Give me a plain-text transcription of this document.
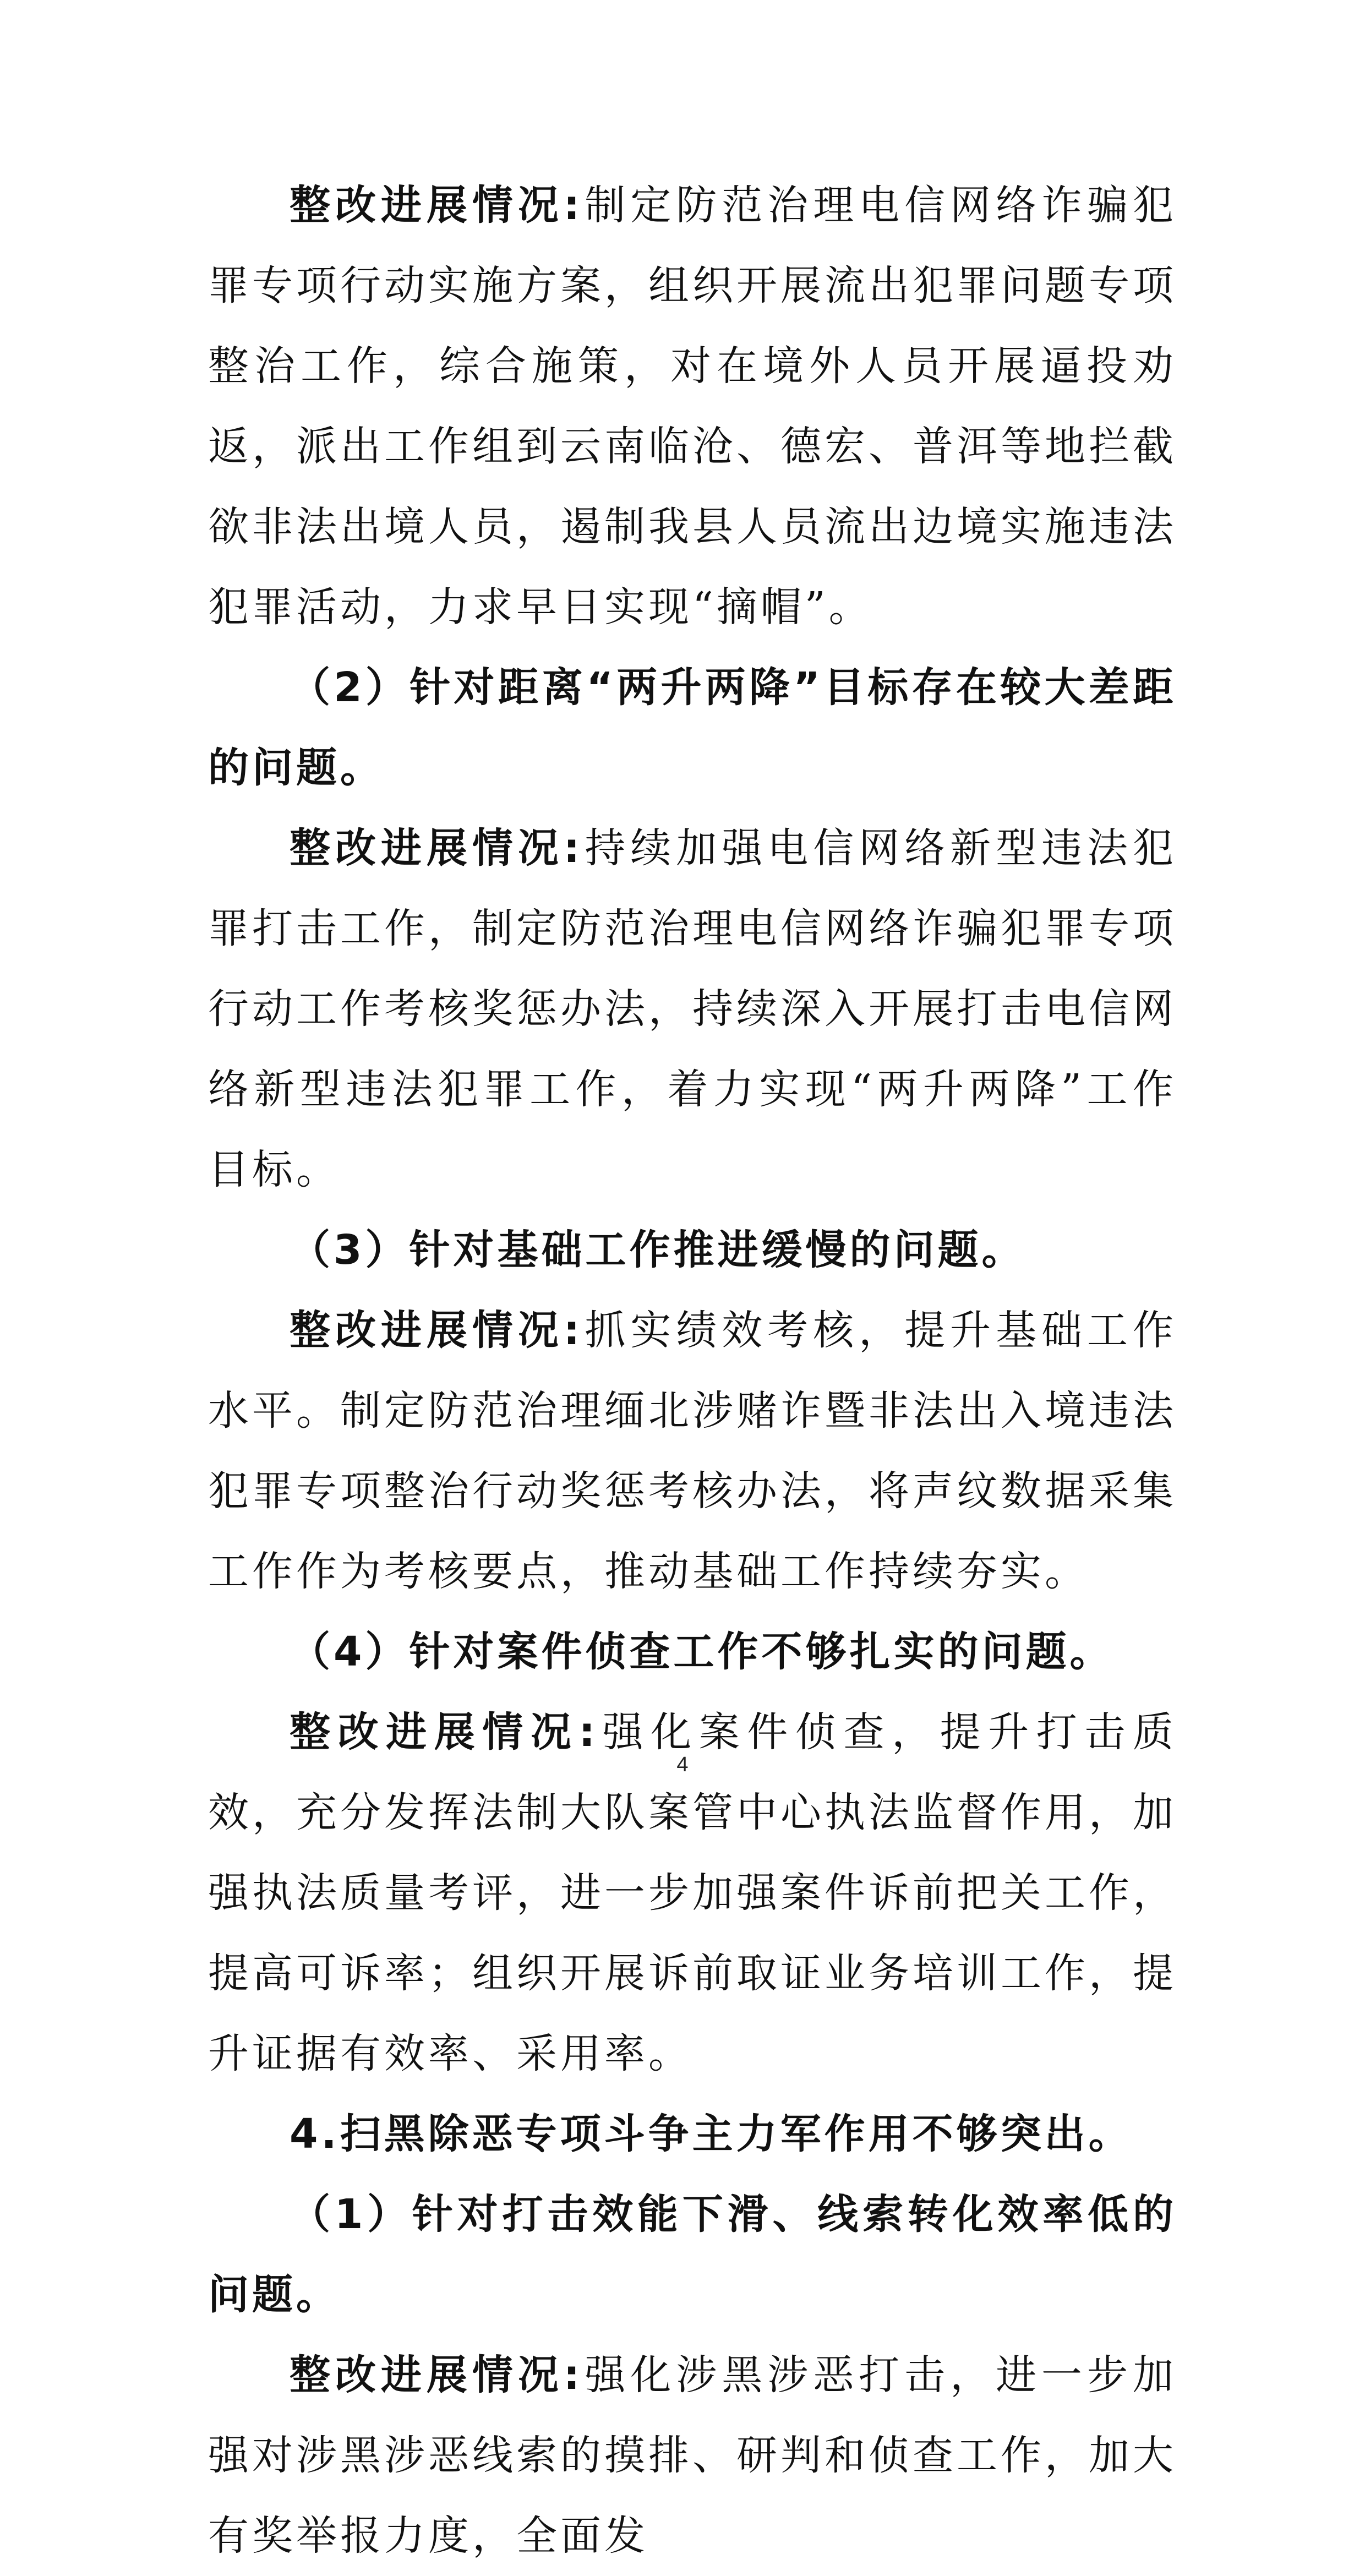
整改进展情况:制定防范治理电信网络诈骗犯罪专项行动实施方案，组织开展流出犯罪问题专项整治工作，综合施策，对在境外人员开展逼投劝返，派出工作组到云南临沧、德宏、普洱等地拦截欲非法出境人员，遏制我县人员流出边境实施违法犯罪活动，力求早日实现“摘帽”。

（2）针对距离“两升两降”目标存在较大差距的问题。

整改进展情况:持续加强电信网络新型违法犯罪打击工作，制定防范治理电信网络诈骗犯罪专项行动工作考核奖惩办法，持续深入开展打击电信网络新型违法犯罪工作，着力实现“两升两降”工作目标。

（3）针对基础工作推进缓慢的问题。

整改进展情况:抓实绩效考核，提升基础工作水平。制定防范治理缅北涉赌诈暨非法出入境违法犯罪专项整治行动奖惩考核办法，将声纹数据采集工作作为考核要点，推动基础工作持续夯实。

（4）针对案件侦查工作不够扎实的问题。

整改进展情况:强化案件侦查，提升打击质效，充分发挥法制大队案管中心执法监督作用，加强执法质量考评，进一步加强案件诉前把关工作，提高可诉率；组织开展诉前取证业务培训工作，提升证据有效率、采用率。

4.扫黑除恶专项斗争主力军作用不够突出。

（1）针对打击效能下滑、线索转化效率低的问题。

整改进展情况:强化涉黑涉恶打击，进一步加强对涉黑涉恶线索的摸排、研判和侦查工作，加大有奖举报力度，全面发

4
